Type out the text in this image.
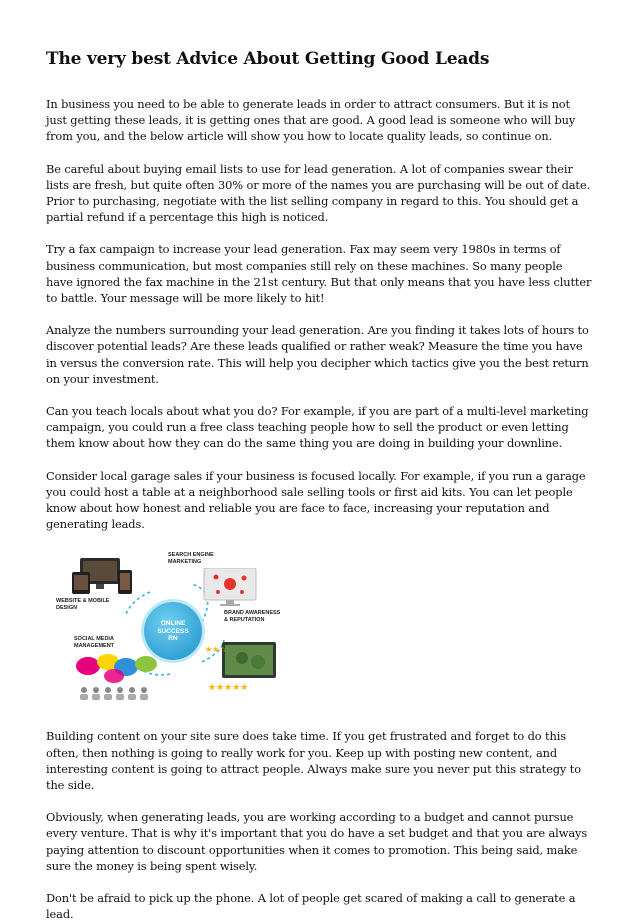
The very best Advice About Getting Good Leads

In business you need to be able to generate leads in order to attract consumers. But it is not just getting these leads, it is getting ones that are good. A good lead is someone who will buy from you, and the below article will show you how to locate quality leads, so continue on.

Be careful about buying email lists to use for lead generation. A lot of companies swear their lists are fresh, but quite often 30% or more of the names you are purchasing will be out of date. Prior to purchasing, negotiate with the list selling company in regard to this. You should get a partial refund if a percentage this high is noticed.

Try a fax campaign to increase your lead generation. Fax may seem very 1980s in terms of business communication, but most companies still rely on these machines. So many people have ignored the fax machine in the 21st century. But that only means that you have less clutter to battle. Your message will be more likely to hit!

Analyze the numbers surrounding your lead generation. Are you finding it takes lots of hours to discover potential leads? Are these leads qualified or rather weak? Measure the time you have in versus the conversion rate. This will help you decipher which tactics give you the best return on your investment.

Can you teach locals about what you do? For example, if you are part of a multi-level marketing campaign, you could run a free class teaching people how to sell the product or even letting them know about how they can do the same thing you are doing in building your downline.

Consider local garage sales if your business is focused locally. For example, if you run a garage you could host a table at a neighborhood sale selling tools or first aid kits. You can let people know about how honest and reliable you are face to face, increasing your reputation and generating leads.

WEBSITE & MOBILE DESIGN
SEARCH ENGINE MARKETING
ONLINE
SUCCESS
RN
BRAND AWARENESS & REPUTATION
★★☆
★★★★★
SOCIAL MEDIA MANAGEMENT

Building content on your site sure does take time. If you get frustrated and forget to do this often, then nothing is going to really work for you. Keep up with posting new content, and interesting content is going to attract people. Always make sure you never put this strategy to the side.

Obviously, when generating leads, you are working according to a budget and cannot pursue every venture. That is why it's important that you do have a set budget and that you are always paying attention to discount opportunities when it comes to promotion. This being said, make sure the money is being spent wisely.

Don't be afraid to pick up the phone. A lot of people get scared of making a call to generate a lead.
